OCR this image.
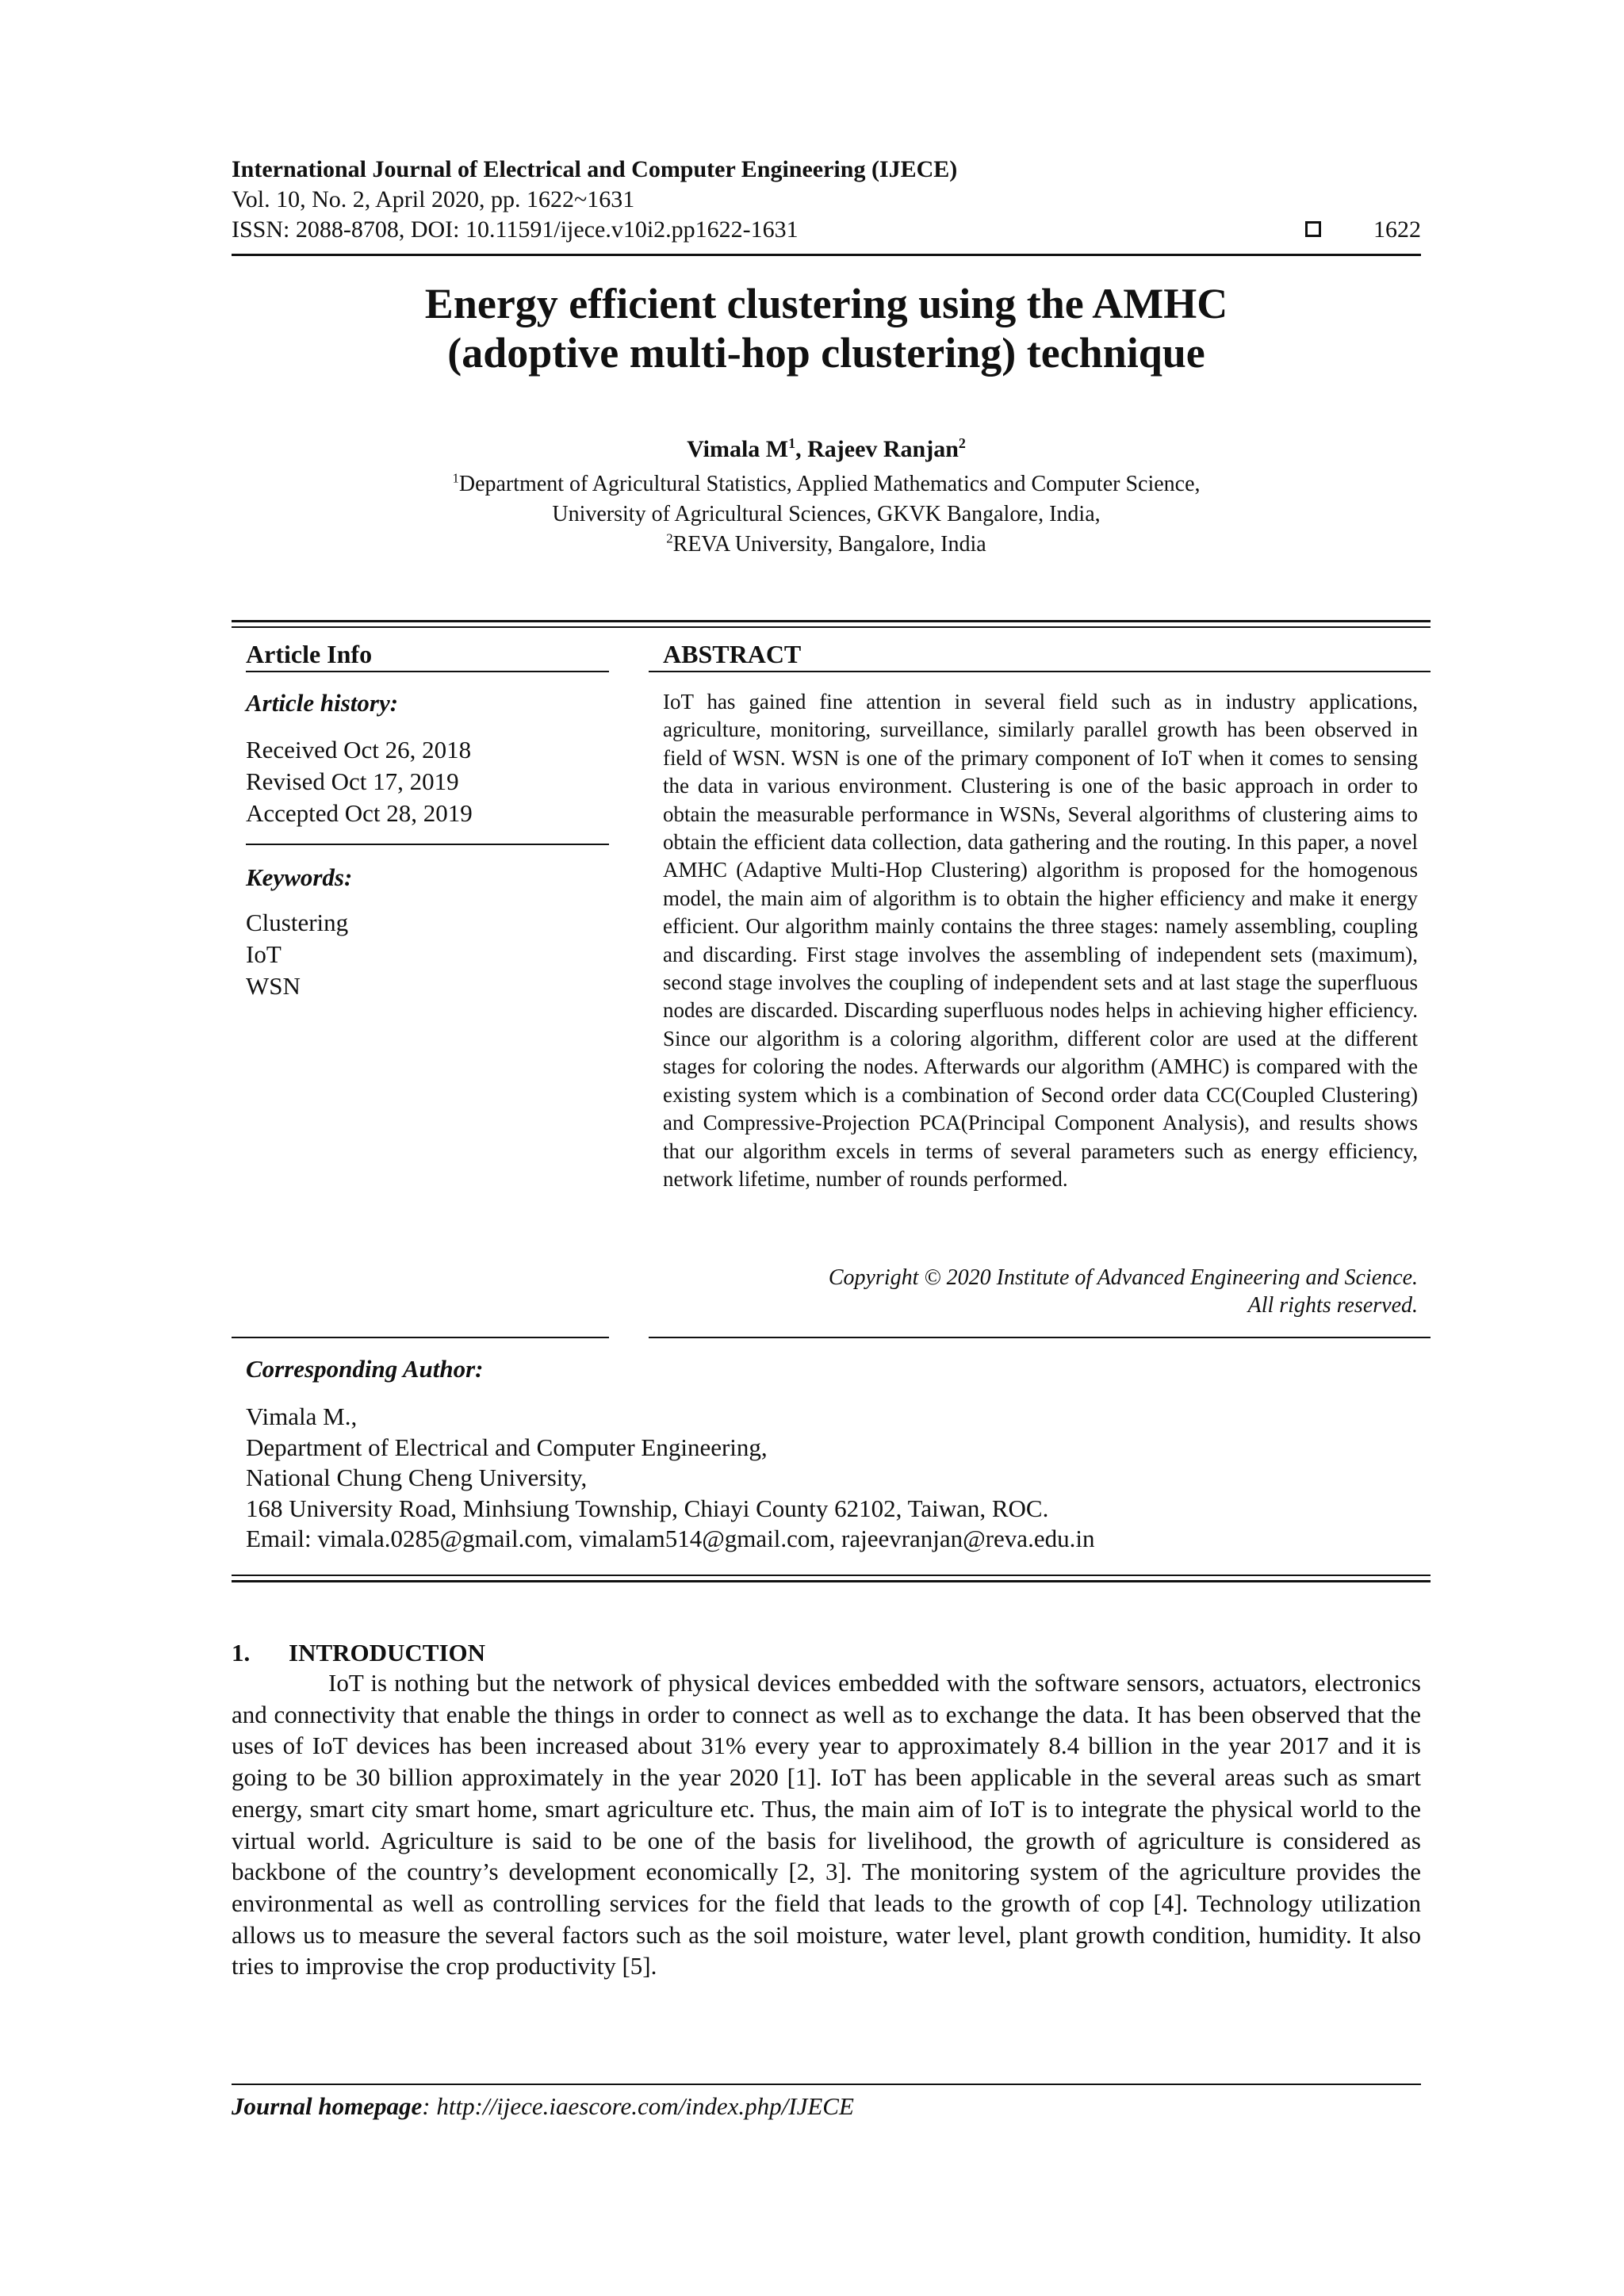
International Journal of Electrical and Computer Engineering (IJECE)
Vol. 10, No. 2, April 2020, pp. 1622~1631
ISSN: 2088-8708, DOI: 10.11591/ijece.v10i2.pp1622-1631	1622
Energy efficient clustering using the AMHC
(adoptive multi-hop clustering) technique
Vimala $M^1$, Rajeev Ranjan$^2$
$^1$Department of Agricultural Statistics, Applied Mathematics and Computer Science,
University of Agricultural Sciences, GKVK Bangalore, India,
$^2$REVA University, Bangalore, India
Article Info	ABSTRACT
Article history:
Received Oct 26, 2018
Revised Oct 17, 2019
Accepted Oct 28, 2019
Keywords:
Clustering
IoT
WSN
IoT has gained fine attention in several field such as in industry applications, agriculture, monitoring, surveillance, similarly parallel growth has been observed in field of WSN. WSN is one of the primary component of IoT when it comes to sensing the data in various environment. Clustering is one of the basic approach in order to obtain the measurable performance in WSNs, Several algorithms of clustering aims to obtain the efficient data collection, data gathering and the routing. In this paper, a novel AMHC (Adaptive Multi-Hop Clustering) algorithm is proposed for the homogenous model, the main aim of algorithm is to obtain the higher efficiency and make it energy efficient. Our algorithm mainly contains the three stages: namely assembling, coupling and discarding. First stage involves the assembling of independent sets (maximum), second stage involves the coupling of independent sets and at last stage the superfluous nodes are discarded. Discarding superfluous nodes helps in achieving higher efficiency. Since our algorithm is a coloring algorithm, different color are used at the different stages for coloring the nodes. Afterwards our algorithm (AMHC) is compared with the existing system which is a combination of Second order data CC(Coupled Clustering) and Compressive-Projection PCA(Principal Component Analysis), and results shows that our algorithm excels in terms of several parameters such as energy efficiency, network lifetime, number of rounds performed.
Copyright © 2020 Institute of Advanced Engineering and Science.
All rights reserved.
Corresponding Author:
Vimala M.,
Department of Electrical and Computer Engineering,
National Chung Cheng University,
168 University Road, Minhsiung Township, Chiayi County 62102, Taiwan, ROC.
Email: vimala.0285@gmail.com, vimalam514@gmail.com, rajeevranjan@reva.edu.in
1. INTRODUCTION
IoT is nothing but the network of physical devices embedded with the software sensors, actuators, electronics and connectivity that enable the things in order to connect as well as to exchange the data. It has been observed that the uses of IoT devices has been increased about 31% every year to approximately 8.4 billion in the year 2017 and it is going to be 30 billion approximately in the year 2020 [1]. IoT has been applicable in the several areas such as smart energy, smart city smart home, smart agriculture etc. Thus, the main aim of IoT is to integrate the physical world to the virtual world. Agriculture is said to be one of the basis for livelihood, the growth of agriculture is considered as backbone of the country’s development economically [2, 3]. The monitoring system of the agriculture provides the environmental as well as controlling services for the field that leads to the growth of cop [4]. Technology utilization allows us to measure the several factors such as the soil moisture, water level, plant growth condition, humidity. It also tries to improvise the crop productivity [5].
Journal homepage: http://ijece.iaescore.com/index.php/IJECE
